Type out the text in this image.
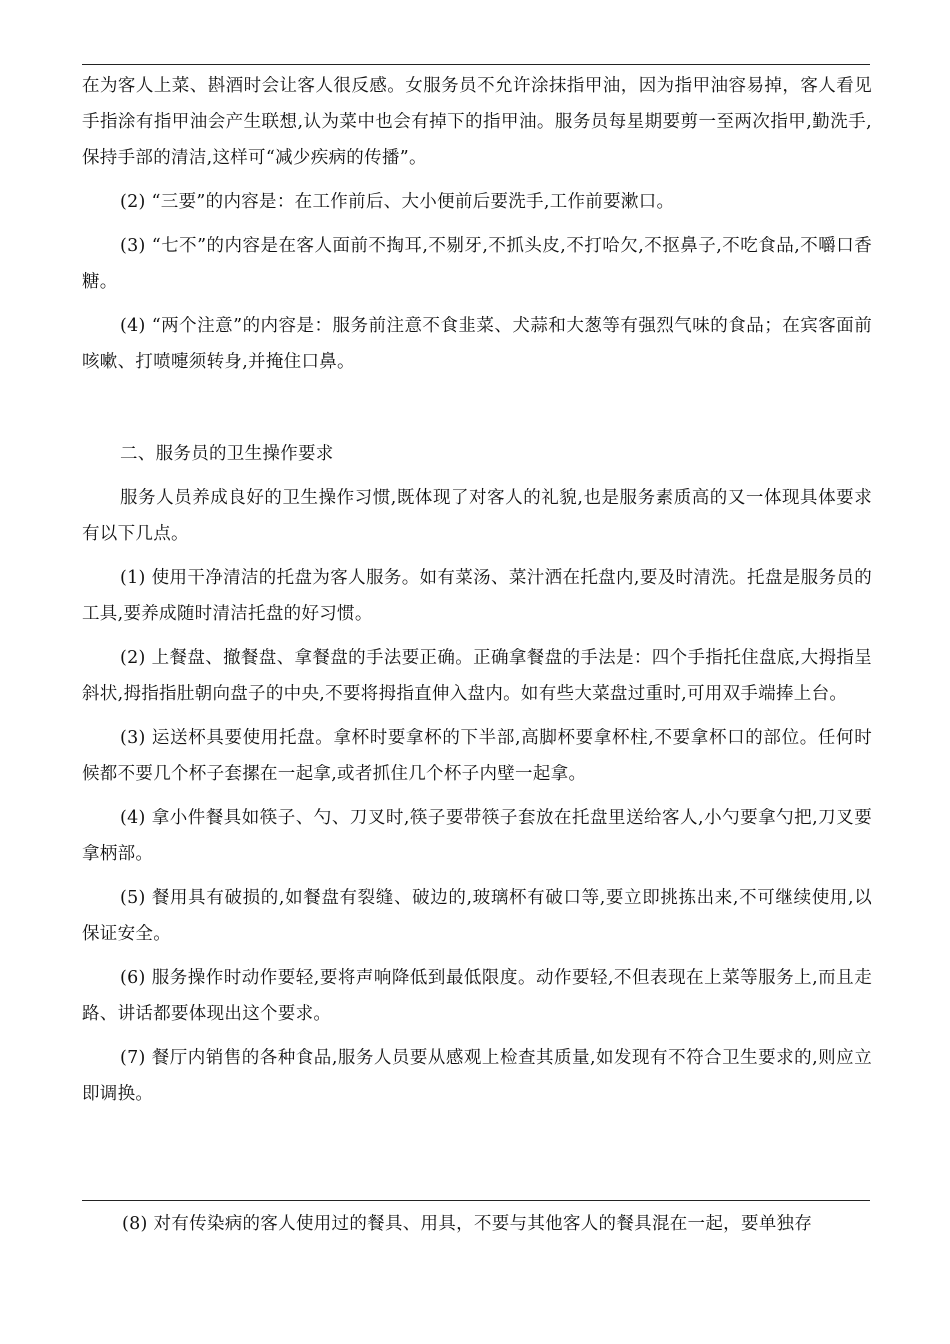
在为客人上菜、斟酒时会让客人很反感。女服务员不允许涂抹指甲油，因为指甲油容易掉，客人看见手指涂有指甲油会产生联想,认为菜中也会有掉下的指甲油。服务员每星期要剪一至两次指甲,勤洗手,保持手部的清洁,这样可“减少疾病的传播”。

(2) “三要”的内容是：在工作前后、大小便前后要洗手,工作前要漱口。

(3) “七不”的内容是在客人面前不掏耳,不剔牙,不抓头皮,不打哈欠,不抠鼻子,不吃食品,不嚼口香糖。

(4) “两个注意”的内容是：服务前注意不食韭菜、犬蒜和大葱等有强烈气味的食品；在宾客面前咳嗽、打喷嚏须转身,并掩住口鼻。

二、服务员的卫生操作要求

服务人员养成良好的卫生操作习惯,既体现了对客人的礼貌,也是服务素质高的又一体现具体要求有以下几点。

(1) 使用干净清洁的托盘为客人服务。如有菜汤、菜汁洒在托盘内,要及时清洗。托盘是服务员的工具,要养成随时清洁托盘的好习惯。

(2) 上餐盘、撤餐盘、拿餐盘的手法要正确。正确拿餐盘的手法是：四个手指托住盘底,大拇指呈斜状,拇指指肚朝向盘子的中央,不要将拇指直伸入盘内。如有些大菜盘过重时,可用双手端捧上台。

(3) 运送杯具要使用托盘。拿杯时要拿杯的下半部,高脚杯要拿杯柱,不要拿杯口的部位。任何时候都不要几个杯子套摞在一起拿,或者抓住几个杯子内壁一起拿。

(4) 拿小件餐具如筷子、勺、刀叉时,筷子要带筷子套放在托盘里送给客人,小勺要拿勺把,刀叉要拿柄部。

(5) 餐用具有破损的,如餐盘有裂缝、破边的,玻璃杯有破口等,要立即挑拣出来,不可继续使用,以保证安全。

(6) 服务操作时动作要轻,要将声响降低到最低限度。动作要轻,不但表现在上菜等服务上,而且走路、讲话都要体现出这个要求。

(7) 餐厅内销售的各种食品,服务人员要从感观上检查其质量,如发现有不符合卫生要求的,则应立即调换。

(8) 对有传染病的客人使用过的餐具、用具，不要与其他客人的餐具混在一起，要单独存
